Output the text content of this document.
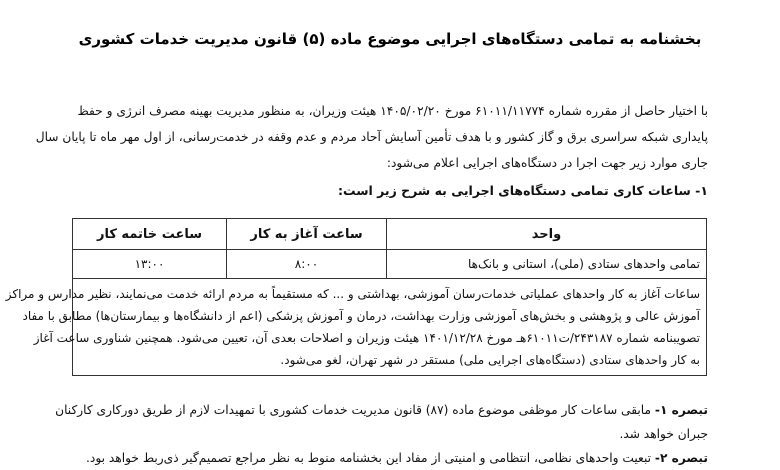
بخشنامه به تمامی دستگاه‌های اجرایی موضوع ماده (۵) قانون مدیریت خدمات کشوری
با اختیار حاصل از مقرره شماره ۶۱۰۱۱/۱۱۷۷۴ مورخ ۱۴۰۵/۰۲/۲۰ هیئت وزیران، به منظور مدیریت بهینه مصرف انرژی و حفظ
پایداری شبکه سراسری برق و گاز کشور و با هدف تأمین آسایش آحاد مردم و عدم وقفه در خدمت‌رسانی، از اول مهر ماه تا پایان سال
جاری موارد زیر جهت اجرا در دستگاه‌های اجرایی اعلام می‌شود:
۱- ساعات کاری تمامی دستگاه‌های اجرایی به شرح زیر است:
واحد	ساعت آغاز به کار	ساعت خاتمه کار
تمامی واحدهای ستادی (ملی)، استانی و بانک‌ها	۸:۰۰	۱۳:۰۰

ساعات آغاز به کار واحدهای عملیاتی خدمات‌رسان آموزشی، بهداشتی و ... که مستقیماً به مردم ارائه خدمت می‌نمایند، نظیر مدارس و مراکز
آموزش عالی و پژوهشی و بخش‌های آموزشی وزارت بهداشت، درمان و آموزش پزشکی (اعم از دانشگاه‌ها و بیمارستان‌ها) مطابق با مفاد
تصویبنامه شماره ۲۴۳۱۸۷/ت۶۱۰۱۱هـ مورخ ۱۴۰۱/۱۲/۲۸ هیئت وزیران و اصلاحات بعدی آن، تعیین می‌شود. همچنین شناوری ساعت آغاز
به کار واحدهای ستادی (دستگاه‌های اجرایی ملی) مستقر در شهر تهران، لغو می‌شود.		
تبصره ۱- مابقی ساعات کار موظفی موضوع ماده (۸۷) قانون مدیریت خدمات کشوری با تمهیدات لازم از طریق دورکاری کارکنان
جبران خواهد شد.
تبصره ۲- تبعیت واحدهای نظامی، انتظامی و امنیتی از مفاد این بخشنامه منوط به نظر مراجع تصمیم‌گیر ذی‌ربط خواهد بود.
